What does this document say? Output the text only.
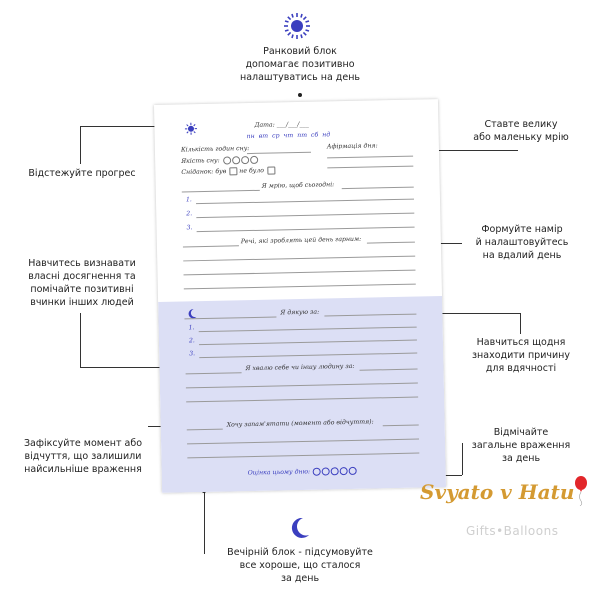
Ранковий блок
допомагає позитивно
налаштуватись на день
Ставте велику
або маленьку мрію
Відстежуйте прогрес
Формуйте намір
й налаштовуйтесь
на вдалий день
Навчитесь визнавати
власні досягнення та
помічайте позитивні
вчинки інших людей
Навчиться щодня
знаходити причину
для вдячності
Зафіксуйте момент або
відчуття, що залишили
найсильніше враження
Відмічайте
загальне враження
за день
Вечірній блок - підсумовуйте
все хороше, що сталося
за день
Дата: ___/___/___
пн вт ср чт пт сб нд
Кількість годин сну:	Афірмація дня:
Якість сну:
Сніданок: був не було
Я мрію, щоб сьогодні:
1.
2.
3.
Речі, які зроблять цей день гарним:
Я дякую за:
1.
2.
3.
Я хвалю себе чи іншу людину за:
Хочу запам'ятати (момент або відчуття):
Оцінка цьому дню:
Svyato v Hatu
Gifts•Balloons
